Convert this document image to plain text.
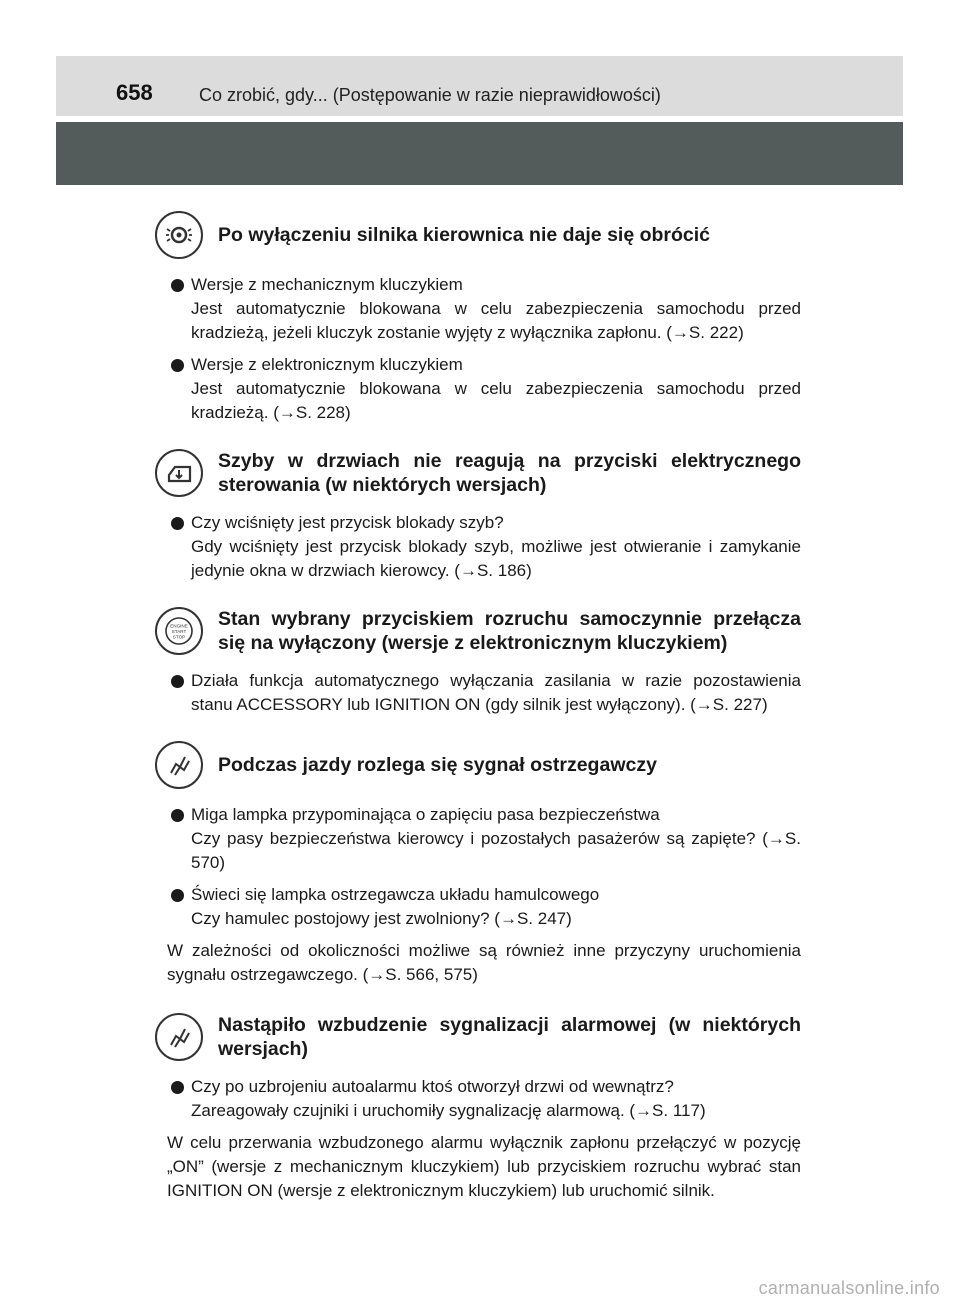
658	Co zrobić, gdy... (Postępowanie w razie nieprawidłowości)
Po wyłączeniu silnika kierownica nie daje się obrócić
Wersje z mechanicznym kluczykiem
Jest automatycznie blokowana w celu zabezpieczenia samochodu przed kradzieżą, jeżeli kluczyk zostanie wyjęty z wyłącznika zapłonu. (→S. 222)
Wersje z elektronicznym kluczykiem
Jest automatycznie blokowana w celu zabezpieczenia samochodu przed kradzieżą. (→S. 228)
Szyby w drzwiach nie reagują na przyciski elektrycznego sterowania (w niektórych wersjach)
Czy wciśnięty jest przycisk blokady szyb?
Gdy wciśnięty jest przycisk blokady szyb, możliwe jest otwieranie i zamykanie jedynie okna w drzwiach kierowcy. (→S. 186)
ENGINE
START
STOP
Stan wybrany przyciskiem rozruchu samoczynnie przełącza się na wyłączony (wersje z elektronicznym kluczykiem)
Działa funkcja automatycznego wyłączania zasilania w razie pozostawienia stanu ACCESSORY lub IGNITION ON (gdy silnik jest wyłączony). (→S. 227)
Podczas jazdy rozlega się sygnał ostrzegawczy
Miga lampka przypominająca o zapięciu pasa bezpieczeństwa
Czy pasy bezpieczeństwa kierowcy i pozostałych pasażerów są zapięte? (→S. 570)
Świeci się lampka ostrzegawcza układu hamulcowego
Czy hamulec postojowy jest zwolniony? (→S. 247)
W zależności od okoliczności możliwe są również inne przyczyny uruchomienia sygnału ostrzegawczego. (→S. 566, 575)
Nastąpiło wzbudzenie sygnalizacji alarmowej (w niektórych wersjach)
Czy po uzbrojeniu autoalarmu ktoś otworzył drzwi od wewnątrz?
Zareagowały czujniki i uruchomiły sygnalizację alarmową. (→S. 117)
W celu przerwania wzbudzonego alarmu wyłącznik zapłonu przełączyć w pozycję „ON” (wersje z mechanicznym kluczykiem) lub przyciskiem rozruchu wybrać stan IGNITION ON (wersje z elektronicznym kluczykiem) lub uruchomić silnik.
carmanualsonline.info
